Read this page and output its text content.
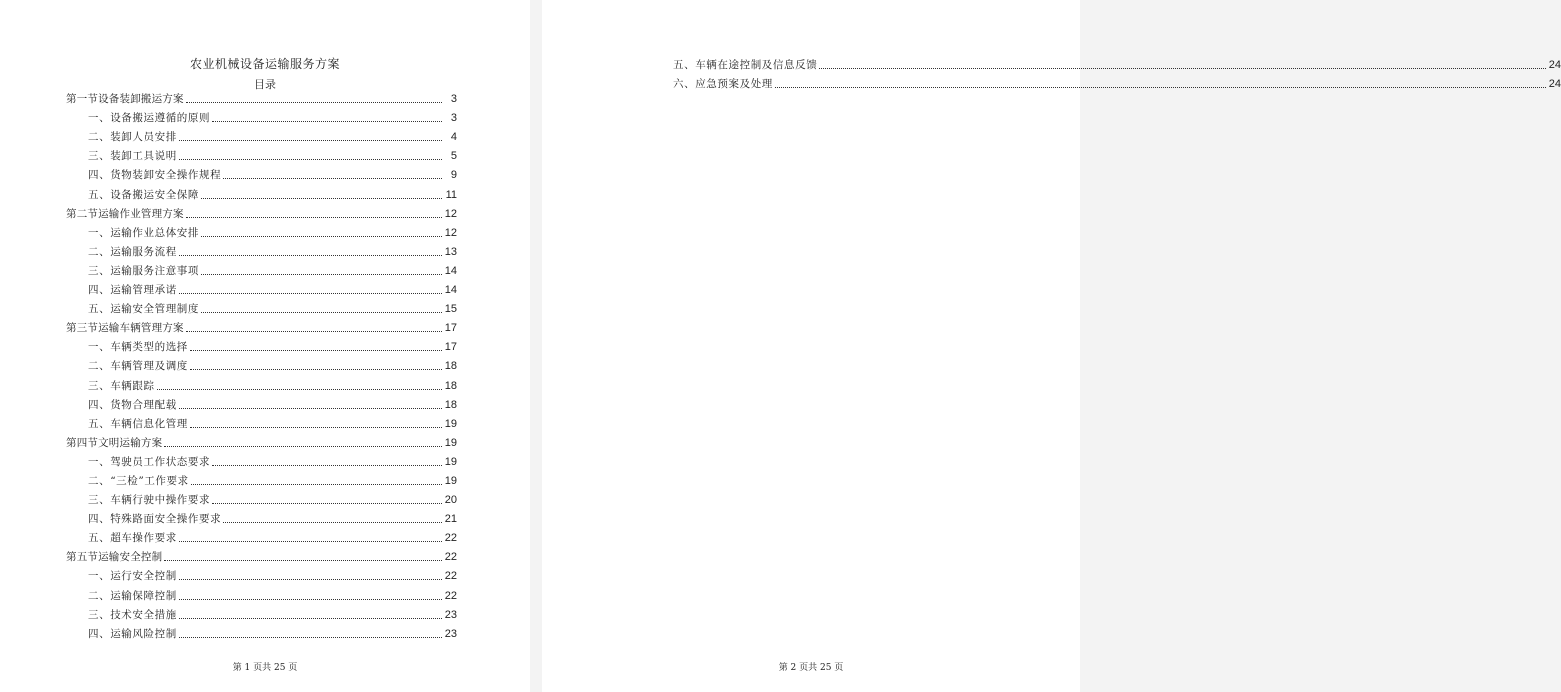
农业机械设备运输服务方案
目录
第一节设备装卸搬运方案	3
一、设备搬运遵循的原则	3
二、装卸人员安排	4
三、装卸工具说明	5
四、货物装卸安全操作规程	9
五、设备搬运安全保障	11
第二节运输作业管理方案	12
一、运输作业总体安排	12
二、运输服务流程	13
三、运输服务注意事项	14
四、运输管理承诺	14
五、运输安全管理制度	15
第三节运输车辆管理方案	17
一、车辆类型的选择	17
二、车辆管理及调度	18
三、车辆跟踪	18
四、货物合理配载	18
五、车辆信息化管理	19
第四节文明运输方案	19
一、驾驶员工作状态要求	19
二、“三检”工作要求	19
三、车辆行驶中操作要求	20
四、特殊路面安全操作要求	21
五、超车操作要求	22
第五节运输安全控制	22
一、运行安全控制	22
二、运输保障控制	22
三、技术安全措施	23
四、运输风险控制	23
第 1 页共 25 页
五、车辆在途控制及信息反馈	24
六、应急预案及处理	24
第 2 页共 25 页
